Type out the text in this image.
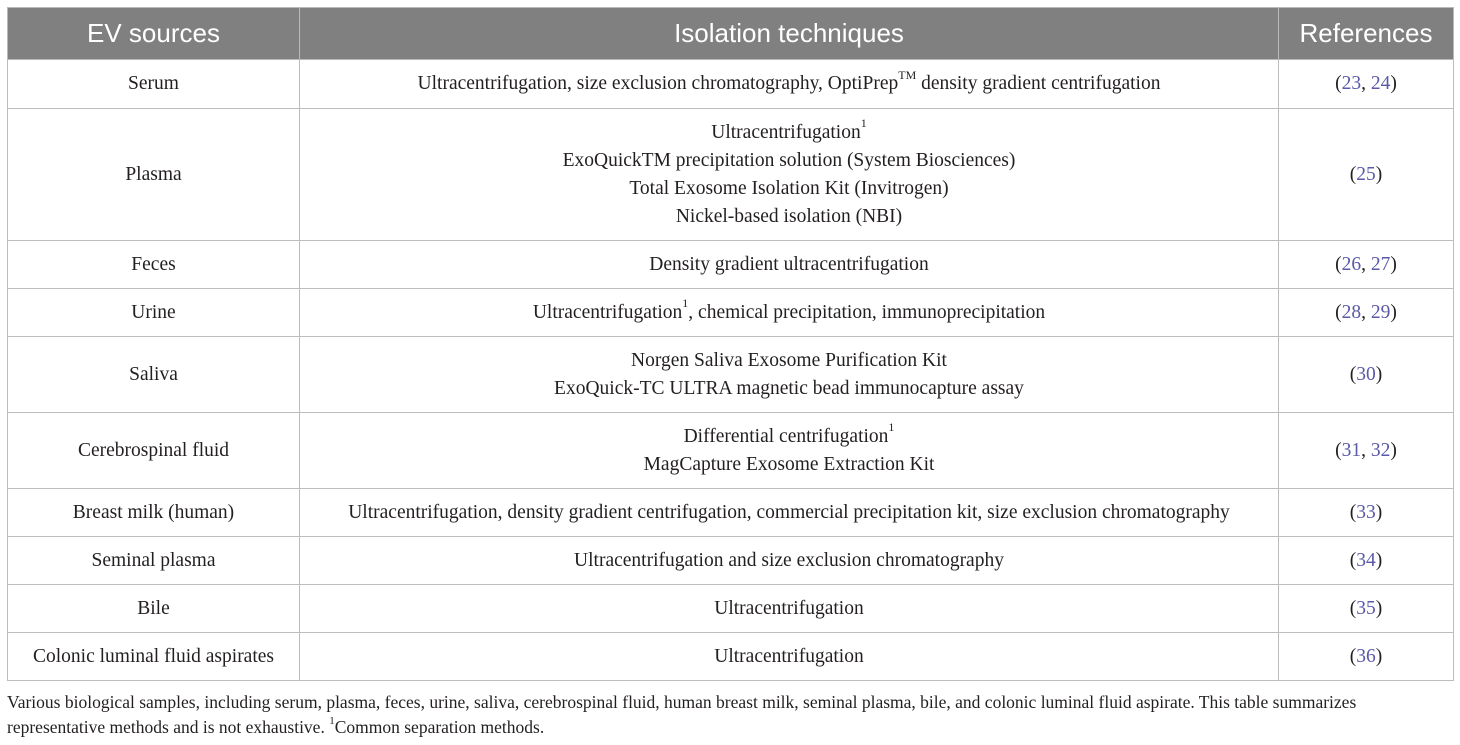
EV sources	Isolation techniques	References
Serum	Ultracentrifugation, size exclusion chromatography, OptiPrep™ density gradient centrifugation	(23, 24)
Plasma	Ultracentrifugation$^1$
ExoQuickTM precipitation solution (System Biosciences)
Total Exosome Isolation Kit (Invitrogen)
Nickel-based isolation (NBI)	(25)
Feces	Density gradient ultracentrifugation	(26, 27)
Urine	Ultracentrifugation$^1$, chemical precipitation, immunoprecipitation	(28, 29)
Saliva	Norgen Saliva Exosome Purification Kit
ExoQuick-TC ULTRA magnetic bead immunocapture assay	(30)
Cerebrospinal fluid	Differential centrifugation$^1$
MagCapture Exosome Extraction Kit	(31, 32)
Breast milk (human)	Ultracentrifugation, density gradient centrifugation, commercial precipitation kit, size exclusion chromatography	(33)
Seminal plasma	Ultracentrifugation and size exclusion chromatography	(34)
Bile	Ultracentrifugation	(35)
Colonic luminal fluid aspirates	Ultracentrifugation	(36)
Various biological samples, including serum, plasma, feces, urine, saliva, cerebrospinal fluid, human breast milk, seminal plasma, bile, and colonic luminal fluid aspirate. This table summarizes representative methods and is not exhaustive. $^1$Common separation methods.
